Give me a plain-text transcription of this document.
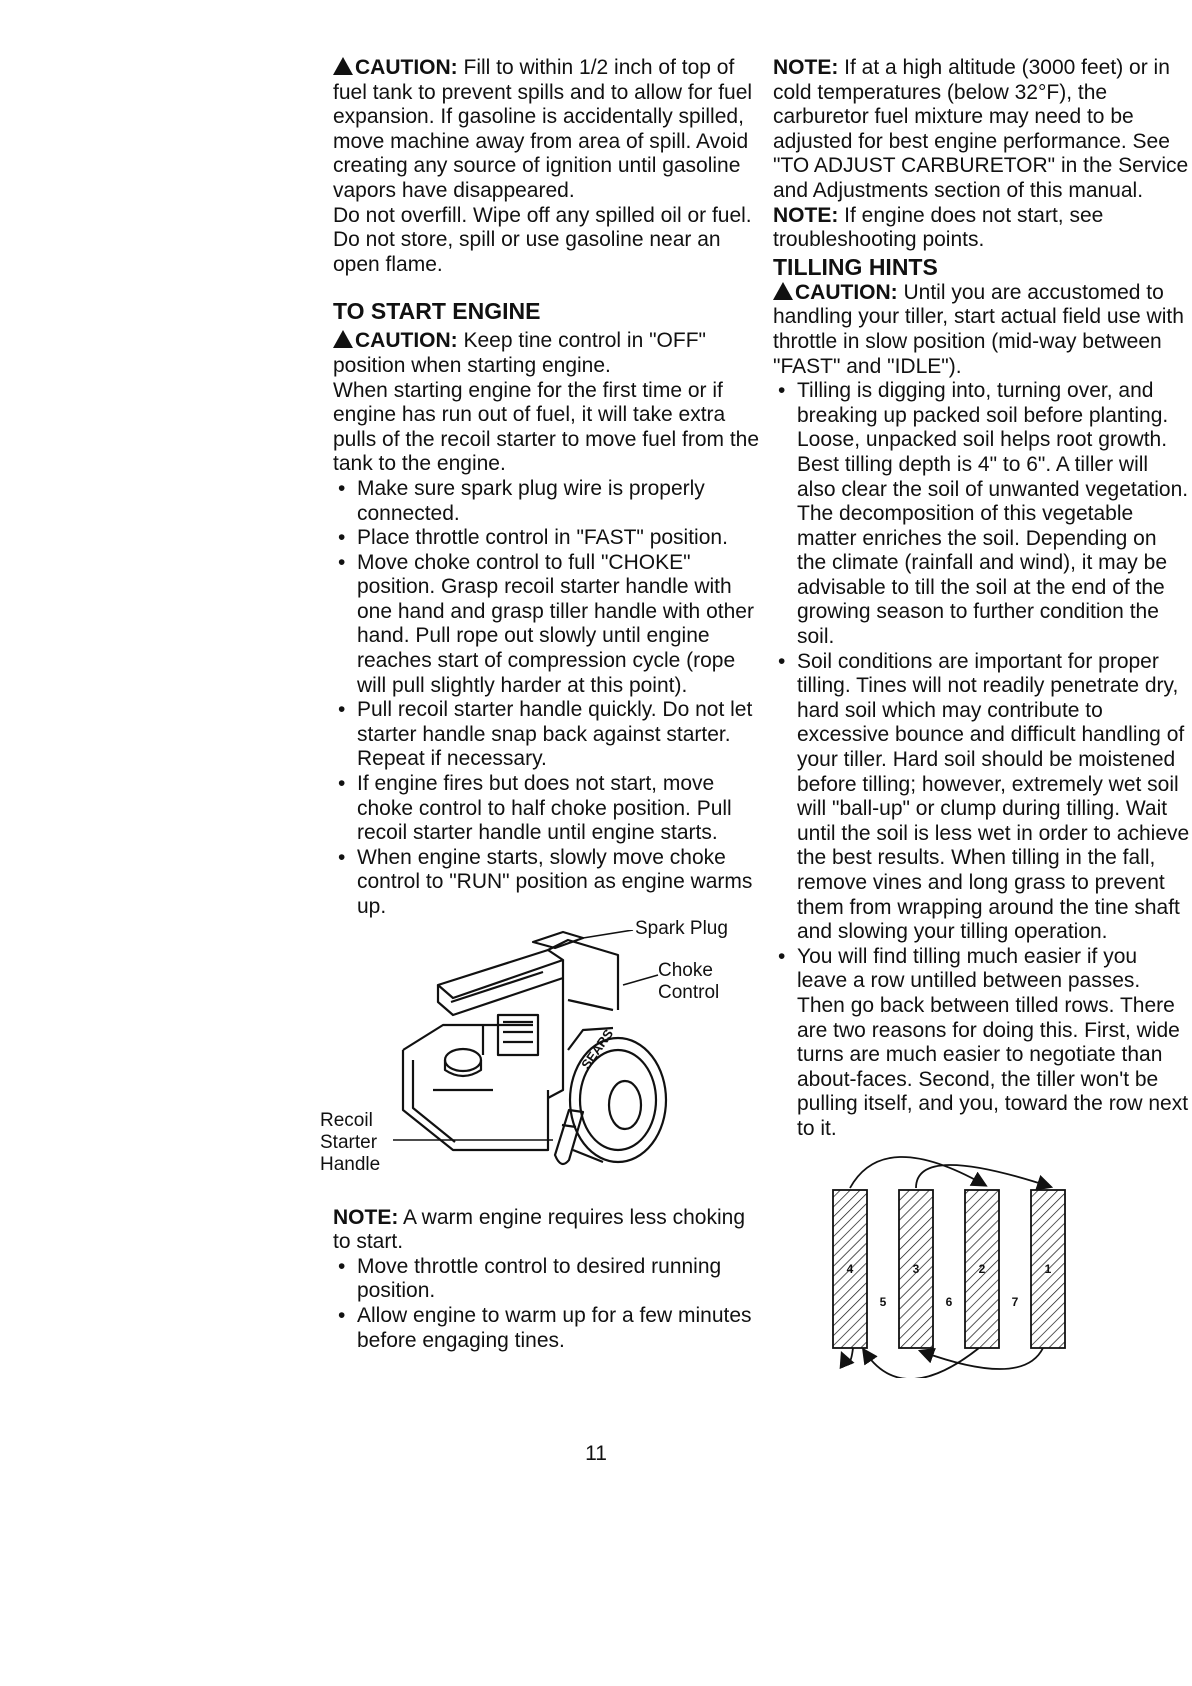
CAUTION: Fill to within 1/2 inch of top of fuel tank to prevent spills and to allow for fuel expansion. If gasoline is accidentally spilled, move machine away from area of spill. Avoid creating any source of ignition until gasoline vapors have disappeared.

Do not overfill. Wipe off any spilled oil or fuel. Do not store, spill or use gasoline near an open flame.

TO START ENGINE

CAUTION: Keep tine control in "OFF" position when starting engine.

When starting engine for the first time or if engine has run out of fuel, it will take extra pulls of the recoil starter to move fuel from the tank to the engine.

• Make sure spark plug wire is properly connected.
• Place throttle control in "FAST" position.
• Move choke control to full "CHOKE" position. Grasp recoil starter handle with one hand and grasp tiller handle with other hand. Pull rope out slowly until engine reaches start of compression cycle (rope will pull slightly harder at this point).
• Pull recoil starter handle quickly. Do not let starter handle snap back against starter. Repeat if necessary.
• If engine fires but does not start, move choke control to half choke position. Pull recoil starter handle until engine starts.
• When engine starts, slowly move choke control to "RUN" position as engine warms up.
SEARS
Spark Plug
Choke
Control
Recoil
Starter
Handle

NOTE: A warm engine requires less choking to start.

• Move throttle control to desired running position.
• Allow engine to warm up for a few minutes before engaging tines.

NOTE: If at a high altitude (3000 feet) or in cold temperatures (below 32°F), the carburetor fuel mixture may need to be adjusted for best engine performance. See "TO ADJUST CARBURETOR" in the Service and Adjustments section of this manual.

NOTE: If engine does not start, see troubleshooting points.

TILLING HINTS

CAUTION: Until you are accustomed to handling your tiller, start actual field use with throttle in slow position (mid-way between "FAST" and "IDLE").

• Tilling is digging into, turning over, and breaking up packed soil before planting. Loose, unpacked soil helps root growth. Best tilling depth is 4" to 6". A tiller will also clear the soil of unwanted vegetation. The decomposition of this vegetable matter enriches the soil. Depending on the climate (rainfall and wind), it may be advisable to till the soil at the end of the growing season to further condition the soil.
• Soil conditions are important for proper tilling. Tines will not readily penetrate dry, hard soil which may contribute to excessive bounce and difficult handling of your tiller. Hard soil should be moistened before tilling; however, extremely wet soil will "ball-up" or clump during tilling. Wait until the soil is less wet in order to achieve the best results. When tilling in the fall, remove vines and long grass to prevent them from wrapping around the tine shaft and slowing your tilling operation.
• You will find tilling much easier if you leave a row untilled between passes. Then go back between tilled rows. There are two reasons for doing this. First, wide turns are much easier to negotiate than about-faces. Second, the tiller won't be pulling itself, and you, toward the row next to it.
4	3	2	1
5	6	7
11
